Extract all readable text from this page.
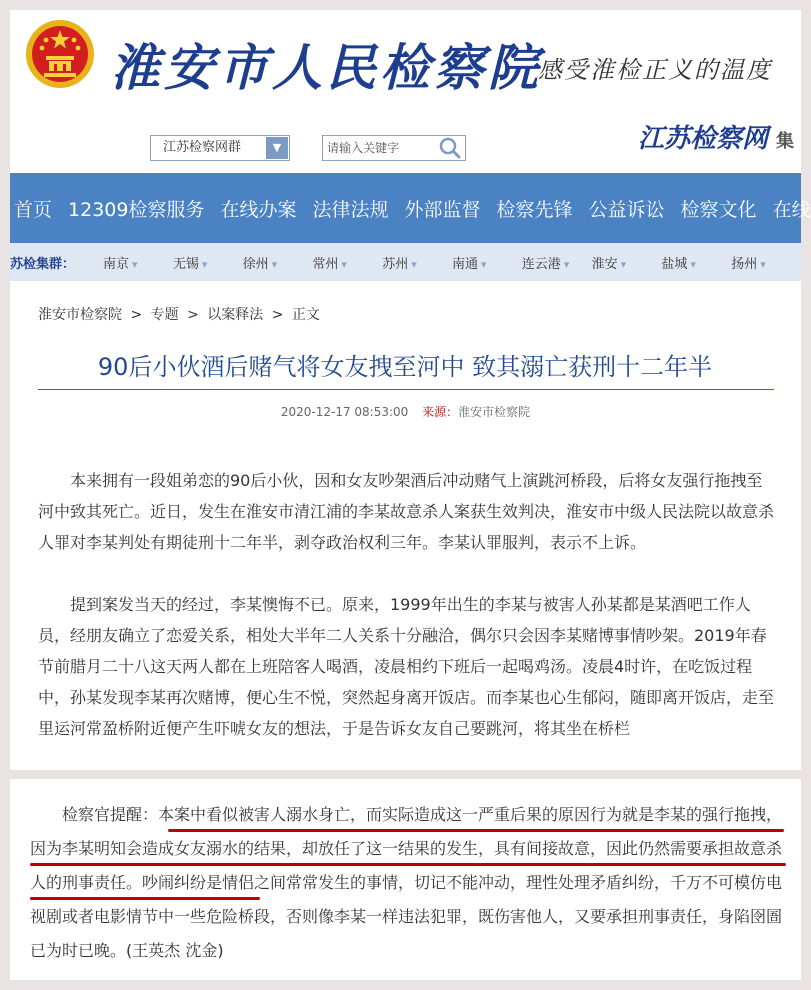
淮安市人民检察院
感受淮检正义的温度
江苏检察网群	▼	请输入关键字	江苏检察网 集
首页 12309检察服务 在线办案 法律法规 外部监督 检察先锋 公益诉讼 检察文化 在线
苏检集群： 南京 ▾	无锡 ▾	徐州 ▾	常州 ▾	苏州 ▾	南通 ▾	连云港 ▾	淮安 ▾	盐城 ▾	扬州 ▾
淮安市检察院 > 专题 > 以案释法 > 正文
90后小伙酒后赌气将女友拽至河中 致其溺亡获刑十二年半
2020-12-17 08:53:00 来源：淮安市检察院

本来拥有一段姐弟恋的90后小伙，因和女友吵架酒后冲动赌气上演跳河桥段，后将女友强行拖拽至河中致其死亡。近日，发生在淮安市清江浦的李某故意杀人案获生效判决，淮安市中级人民法院以故意杀人罪对李某判处有期徒刑十二年半，剥夺政治权利三年。李某认罪服判，表示不上诉。

提到案发当天的经过，李某懊悔不已。原来，1999年出生的李某与被害人孙某都是某酒吧工作人员，经朋友确立了恋爱关系，相处大半年二人关系十分融洽，偶尔只会因李某赌博事情吵架。2019年春节前腊月二十八这天两人都在上班陪客人喝酒，凌晨相约下班后一起喝鸡汤。凌晨4时许，在吃饭过程中，孙某发现李某再次赌博，便心生不悦，突然起身离开饭店。而李某也心生郁闷，随即离开饭店，走至里运河常盈桥附近便产生吓唬女友的想法，于是告诉女友自己要跳河，将其坐在桥栏

检察官提醒：本案中看似被害人溺水身亡，而实际造成这一严重后果的原因行为就是李某的强行拖拽，因为李某明知会造成女友溺水的结果，却放任了这一结果的发生，具有间接故意，因此仍然需要承担故意杀人的刑事责任。吵闹纠纷是情侣之间常常发生的事情，切记不能冲动，理性处理矛盾纠纷，千万不可模仿电视剧或者电影情节中一些危险桥段，否则像李某一样违法犯罪，既伤害他人，又要承担刑事责任，身陷囹圄已为时已晚。(王英杰 沈金)
